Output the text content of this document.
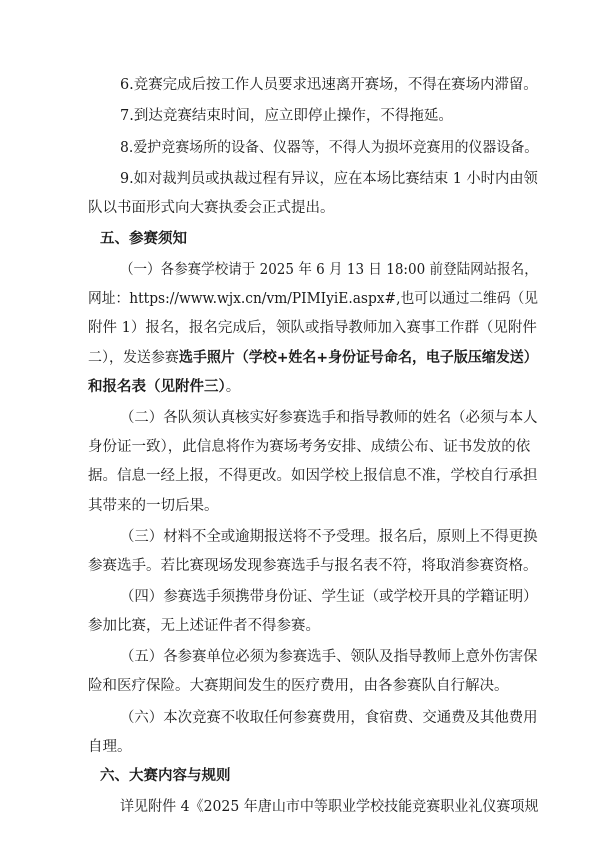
6.竞赛完成后按工作人员要求迅速离开赛场，不得在赛场内滞留。
7.到达竞赛结束时间，应立即停止操作，不得拖延。
8.爱护竞赛场所的设备、仪器等，不得人为损坏竞赛用的仪器设备。
9.如对裁判员或执裁过程有异议，应在本场比赛结束 1 小时内由领
队以书面形式向大赛执委会正式提出。
五、参赛须知
（一）各参赛学校请于 2025 年 6 月 13 日 18:00 前登陆网站报名，
网址：https://www.wjx.cn/vm/PIMIyiE.aspx#,也可以通过二维码（见
附件 1）报名，报名完成后，领队或指导教师加入赛事工作群（见附件
二），发送参赛选手照片（学校+姓名+身份证号命名，电子版压缩发送）
和报名表（见附件三）。
（二）各队须认真核实好参赛选手和指导教师的姓名（必须与本人
身份证一致），此信息将作为赛场考务安排、成绩公布、证书发放的依
据。信息一经上报，不得更改。如因学校上报信息不准，学校自行承担
其带来的一切后果。
（三）材料不全或逾期报送将不予受理。报名后，原则上不得更换
参赛选手。若比赛现场发现参赛选手与报名表不符，将取消参赛资格。
（四）参赛选手须携带身份证、学生证（或学校开具的学籍证明）
参加比赛，无上述证件者不得参赛。
（五）各参赛单位必须为参赛选手、领队及指导教师上意外伤害保
险和医疗保险。大赛期间发生的医疗费用，由各参赛队自行解决。
（六）本次竞赛不收取任何参赛费用，食宿费、交通费及其他费用
自理。
六、大赛内容与规则
详见附件 4《2025 年唐山市中等职业学校技能竞赛职业礼仪赛项规
